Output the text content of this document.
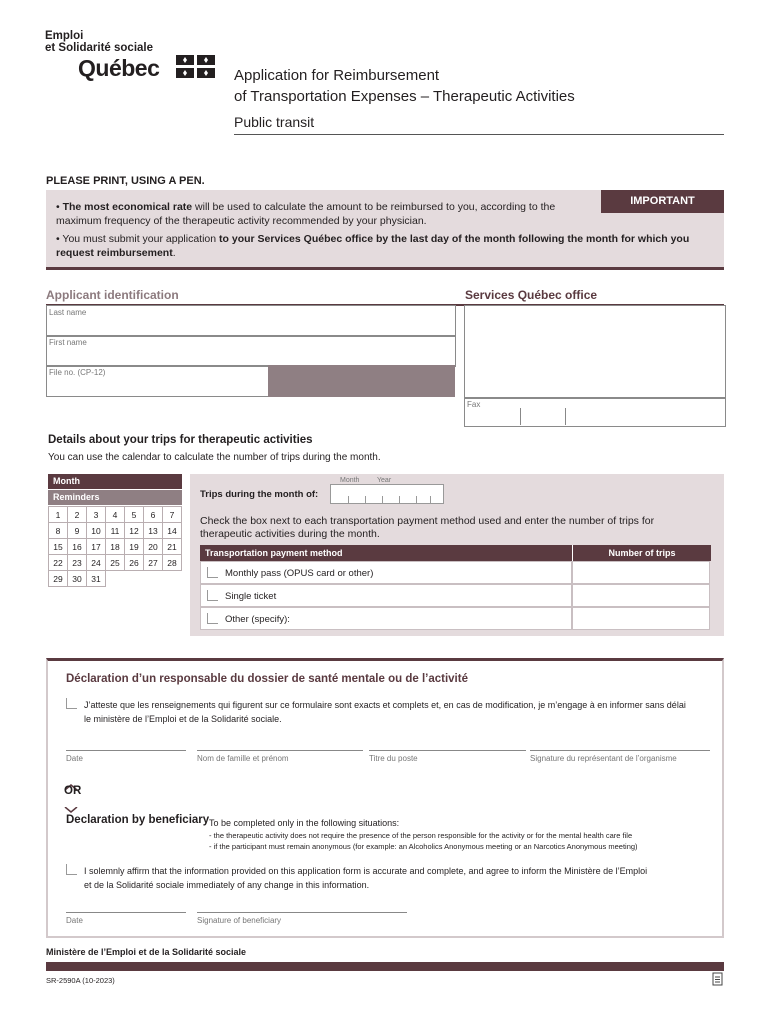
Emploi
et Solidarité sociale
Québec	Application for Reimbursement
of Transportation Expenses – Therapeutic Activities
Public transit
PLEASE PRINT, USING A PEN.
IMPORTANT
• The most economical rate will be used to calculate the amount to be reimbursed to you, according to the maximum frequency of the therapeutic activity recommended by your physician.
• You must submit your application to your Services Québec office by the last day of the month following the month for which you request reimbursement.
Applicant identification	Services Québec office
Last name
First name
File no. (CP-12)
Fax
Details about your trips for therapeutic activities
You can use the calendar to calculate the number of trips during the month.
Month
Reminders
1	2	3	4	5	6	7
8	9	10	11	12	13	14
15	16	17	18	19	20	21
22	23	24	25	26	27	28
29	30	31				
Month	Year
Trips during the month of:
Check the box next to each transportation payment method used and enter the number of trips for therapeutic activities during the month.
Transportation payment method	Number of trips
Monthly pass (OPUS card or other)
Single ticket
Other (specify):
Déclaration d’un responsable du dossier de santé mentale ou de l’activité
J’atteste que les renseignements qui figurent sur ce formulaire sont exacts et complets et, en cas de modification, je m’engage à en informer sans délai
le ministère de l’Emploi et de la Solidarité sociale.
Date	Nom de famille et prénom	Titre du poste	Signature du représentant de l’organisme
OR
Declaration by beneficiary To be completed only in the following situations:
- the therapeutic activity does not require the presence of the person responsible for the activity or for the mental health care file
- if the participant must remain anonymous (for example: an Alcoholics Anonymous meeting or an Narcotics Anonymous meeting)
I solemnly affirm that the information provided on this application form is accurate and complete, and agree to inform the Ministère de l’Emploi
et de la Solidarité sociale immediately of any change in this information.
Date	Signature of beneficiary
Ministère de l’Emploi et de la Solidarité sociale
SR-2590A (10-2023)
